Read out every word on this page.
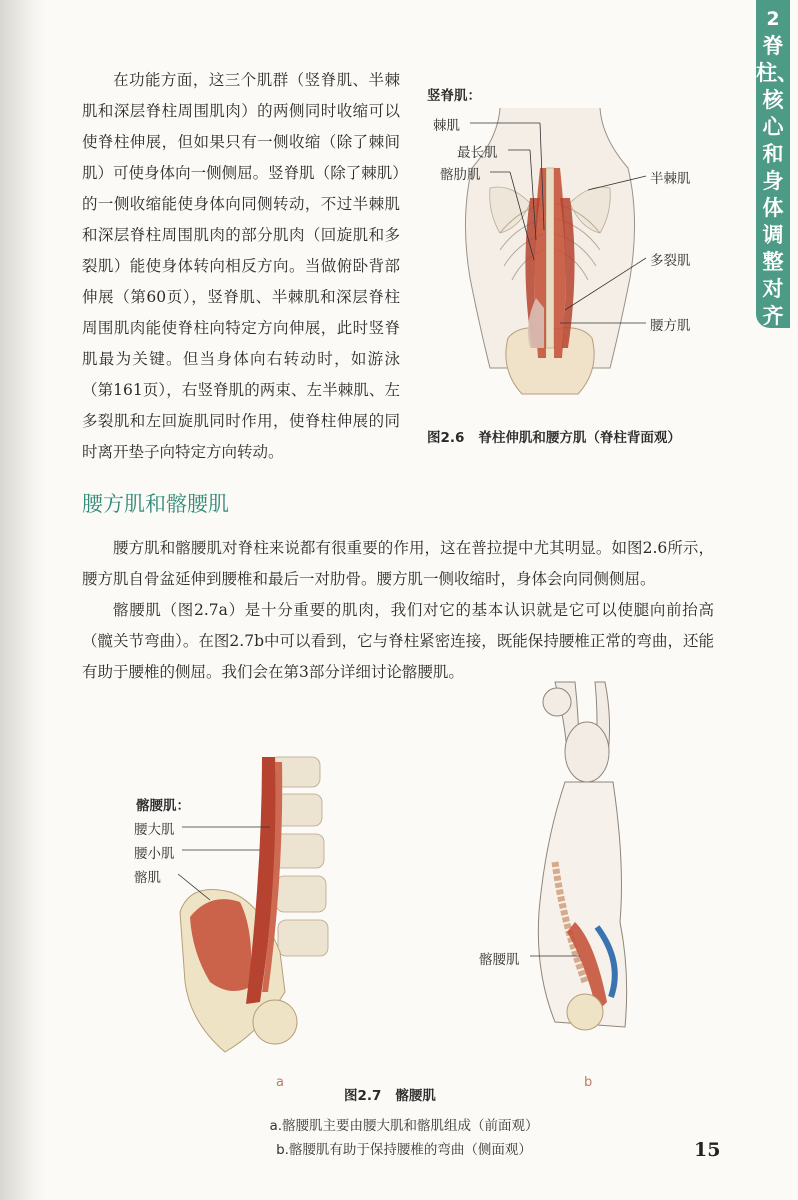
2
脊柱、核心和身体调整对齐

在功能方面，这三个肌群（竖脊肌、半棘肌和深层脊柱周围肌肉）的两侧同时收缩可以使脊柱伸展，但如果只有一侧收缩（除了棘间肌）可使身体向一侧侧屈。竖脊肌（除了棘肌）的一侧收缩能使身体向同侧转动，不过半棘肌和深层脊柱周围肌肉的部分肌肉（回旋肌和多裂肌）能使身体转向相反方向。当做俯卧背部伸展（第60页），竖脊肌、半棘肌和深层脊柱周围肌肉能使脊柱向特定方向伸展，此时竖脊肌最为关键。但当身体向右转动时，如游泳（第161页），右竖脊肌的两束、左半棘肌、左多裂肌和左回旋肌同时作用，使脊柱伸展的同时离开垫子向特定方向转动。

竖脊肌：
棘肌
最长肌
髂肋肌	半棘肌
多裂肌
腰方肌
图2.6 脊柱伸肌和腰方肌（脊柱背面观）
腰方肌和髂腰肌

腰方肌和髂腰肌对脊柱来说都有很重要的作用，这在普拉提中尤其明显。如图2.6所示，腰方肌自骨盆延伸到腰椎和最后一对肋骨。腰方肌一侧收缩时，身体会向同侧侧屈。

髂腰肌（图2.7a）是十分重要的肌肉，我们对它的基本认识就是它可以使腿向前抬高（髋关节弯曲）。在图2.7b中可以看到，它与脊柱紧密连接，既能保持腰椎正常的弯曲，还能有助于腰椎的侧屈。我们会在第3部分详细讨论髂腰肌。

髂腰肌：
腰大肌
腰小肌
髂肌
a
髂腰肌
b
图2.7 髂腰肌
a.髂腰肌主要由腰大肌和髂肌组成（前面观）
b.髂腰肌有助于保持腰椎的弯曲（侧面观）	15
